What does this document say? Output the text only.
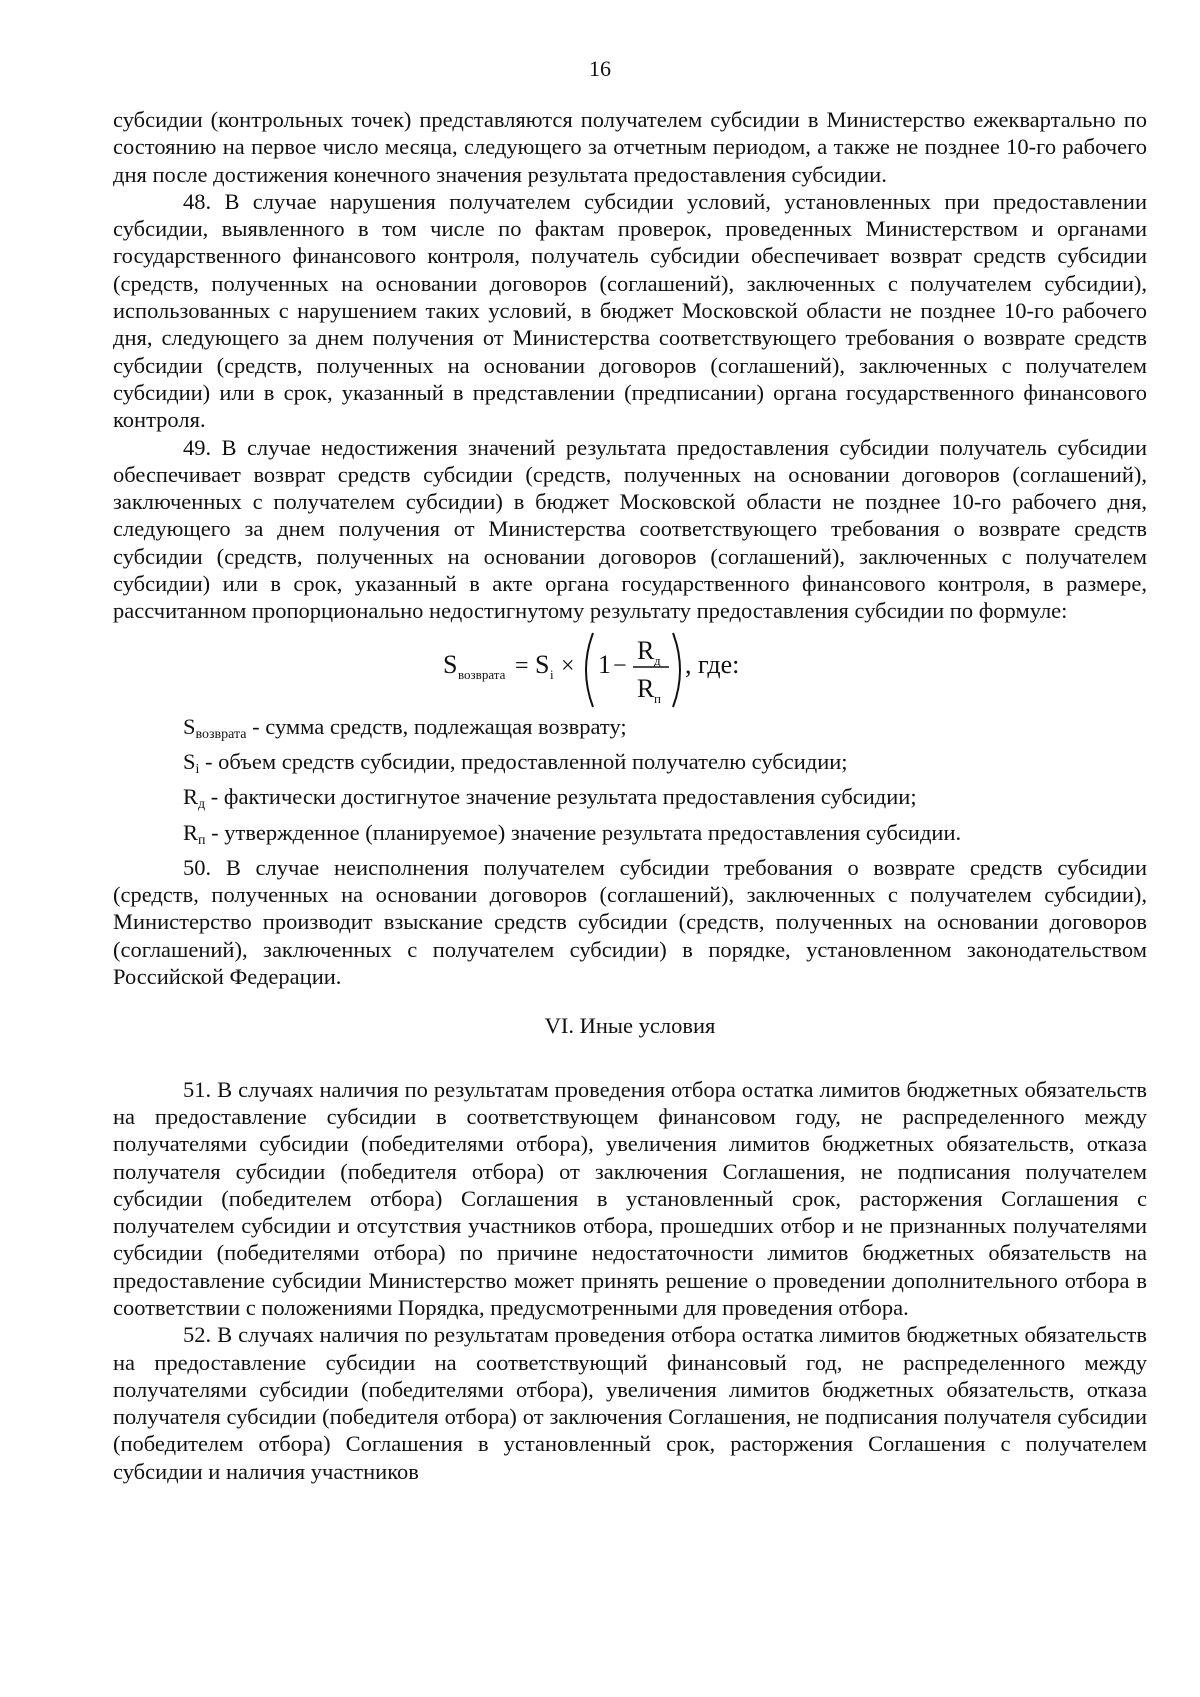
16

субсидии (контрольных точек) представляются получателем субсидии в Министерство ежеквартально по состоянию на первое число месяца, следующего за отчетным периодом, а также не позднее 10-го рабочего дня после достижения конечного значения результата предоставления субсидии.

48. В случае нарушения получателем субсидии условий, установленных при предоставлении субсидии, выявленного в том числе по фактам проверок, проведенных Министерством и органами государственного финансового контроля, получатель субсидии обеспечивает возврат средств субсидии (средств, полученных на основании договоров (соглашений), заключенных с получателем субсидии), использованных с нарушением таких условий, в бюджет Московской области не позднее 10-го рабочего дня, следующего за днем получения от Министерства соответствующего требования о возврате средств субсидии (средств, полученных на основании договоров (соглашений), заключенных с получателем субсидии) или в срок, указанный в представлении (предписании) органа государственного финансового контроля.

49. В случае недостижения значений результата предоставления субсидии получатель субсидии обеспечивает возврат средств субсидии (средств, полученных на основании договоров (соглашений), заключенных с получателем субсидии) в бюджет Московской области не позднее 10-го рабочего дня, следующего за днем получения от Министерства соответствующего требования о возврате средств субсидии (средств, полученных на основании договоров (соглашений), заключенных с получателем субсидии) или в срок, указанный в акте органа государственного финансового контроля, в размере, рассчитанном пропорционально недостигнутому результату предоставления субсидии по формуле:

S возврата = S i × 1 −
R д
R п
, где:

$S_{возврата}$ - сумма средств, подлежащая возврату;

$S_i$ - объем средств субсидии, предоставленной получателю субсидии;

$R_д$ - фактически достигнутое значение результата предоставления субсидии;

$R_п$ - утвержденное (планируемое) значение результата предоставления субсидии.

50. В случае неисполнения получателем субсидии требования о возврате средств субсидии (средств, полученных на основании договоров (соглашений), заключенных с получателем субсидии), Министерство производит взыскание средств субсидии (средств, полученных на основании договоров (соглашений), заключенных с получателем субсидии) в порядке, установленном законодательством Российской Федерации.

VI. Иные условия

51. В случаях наличия по результатам проведения отбора остатка лимитов бюджетных обязательств на предоставление субсидии в соответствующем финансовом году, не распределенного между получателями субсидии (победителями отбора), увеличения лимитов бюджетных обязательств, отказа получателя субсидии (победителя отбора) от заключения Соглашения, не подписания получателем субсидии (победителем отбора) Соглашения в установленный срок, расторжения Соглашения с получателем субсидии и отсутствия участников отбора, прошедших отбор и не признанных получателями субсидии (победителями отбора) по причине недостаточности лимитов бюджетных обязательств на предоставление субсидии Министерство может принять решение о проведении дополнительного отбора в соответствии с положениями Порядка, предусмотренными для проведения отбора.

52. В случаях наличия по результатам проведения отбора остатка лимитов бюджетных обязательств на предоставление субсидии на соответствующий финансовый год, не распределенного между получателями субсидии (победителями отбора), увеличения лимитов бюджетных обязательств, отказа получателя субсидии (победителя отбора) от заключения Соглашения, не подписания получателя субсидии (победителем отбора) Соглашения в установленный срок, расторжения Соглашения с получателем субсидии и наличия участников
